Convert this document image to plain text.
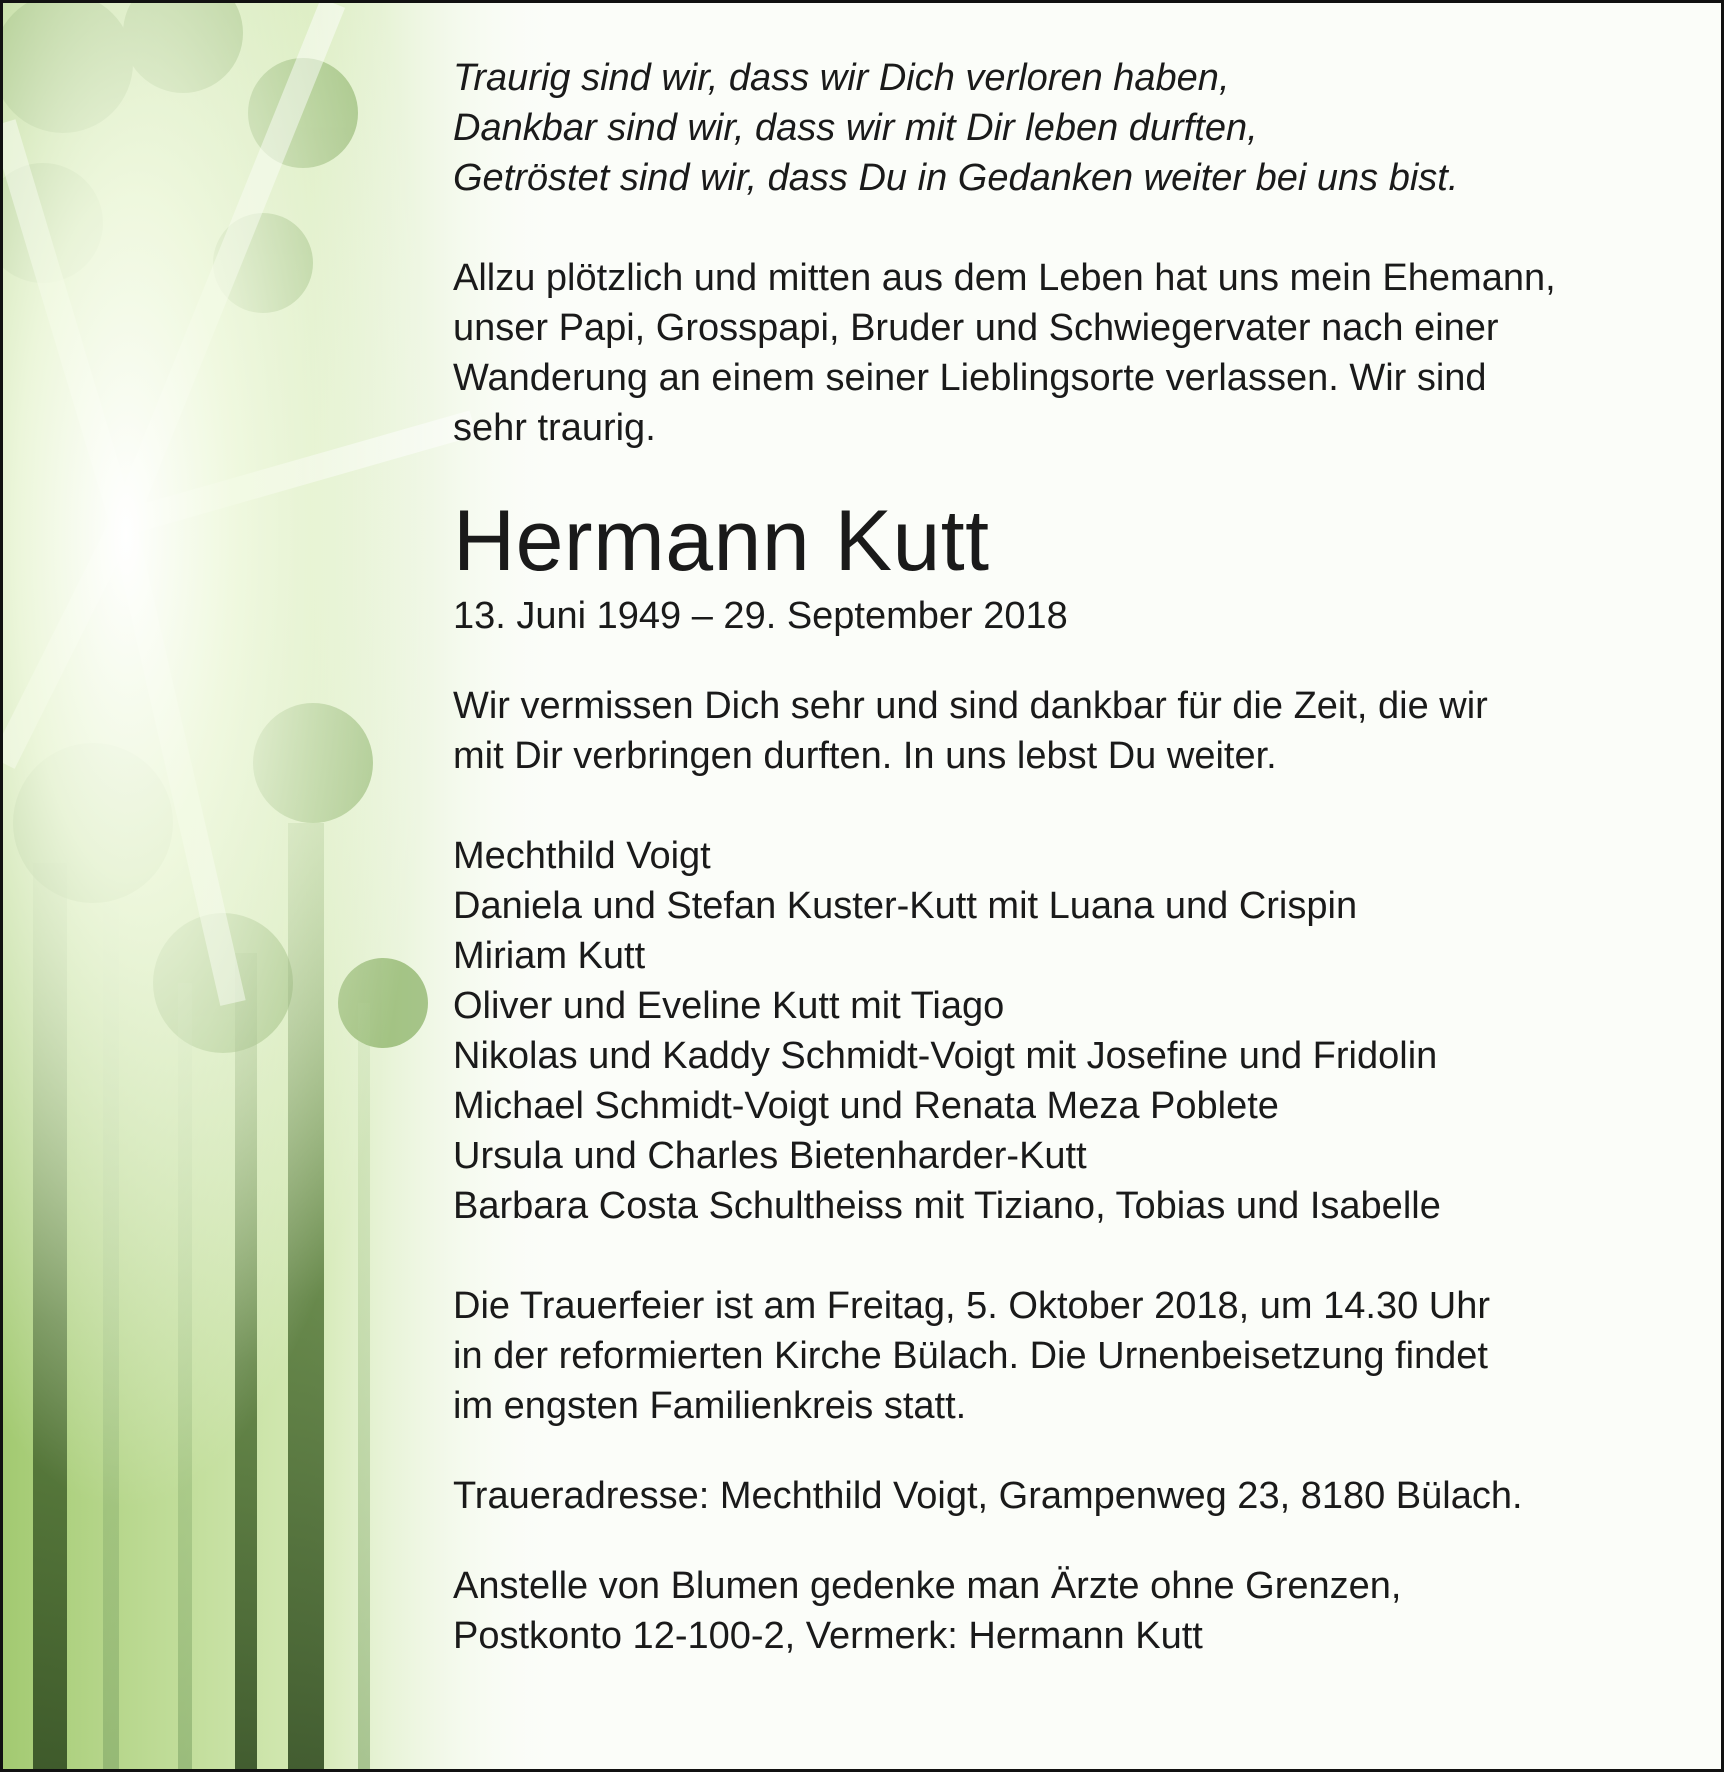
Traurig sind wir, dass wir Dich verloren haben,
Dankbar sind wir, dass wir mit Dir leben durften,
Getröstet sind wir, dass Du in Gedanken weiter bei uns bist.

Allzu plötzlich und mitten aus dem Leben hat uns mein Ehemann,
unser Papi, Grosspapi, Bruder und Schwiegervater nach einer
Wanderung an einem seiner Lieblingsorte verlassen. Wir sind
sehr traurig.

Hermann Kutt

13. Juni 1949 – 29. September 2018

Wir vermissen Dich sehr und sind dankbar für die Zeit, die wir
mit Dir verbringen durften. In uns lebst Du weiter.

Mechthild Voigt
Daniela und Stefan Kuster-Kutt mit Luana und Crispin
Miriam Kutt
Oliver und Eveline Kutt mit Tiago
Nikolas und Kaddy Schmidt-Voigt mit Josefine und Fridolin
Michael Schmidt-Voigt und Renata Meza Poblete
Ursula und Charles Bietenharder-Kutt
Barbara Costa Schultheiss mit Tiziano, Tobias und Isabelle

Die Trauerfeier ist am Freitag, 5. Oktober 2018, um 14.30 Uhr
in der reformierten Kirche Bülach. Die Urnenbeisetzung findet
im engsten Familienkreis statt.

Traueradresse: Mechthild Voigt, Grampenweg 23, 8180 Bülach.

Anstelle von Blumen gedenke man Ärzte ohne Grenzen,
Postkonto 12-100-2, Vermerk: Hermann Kutt
